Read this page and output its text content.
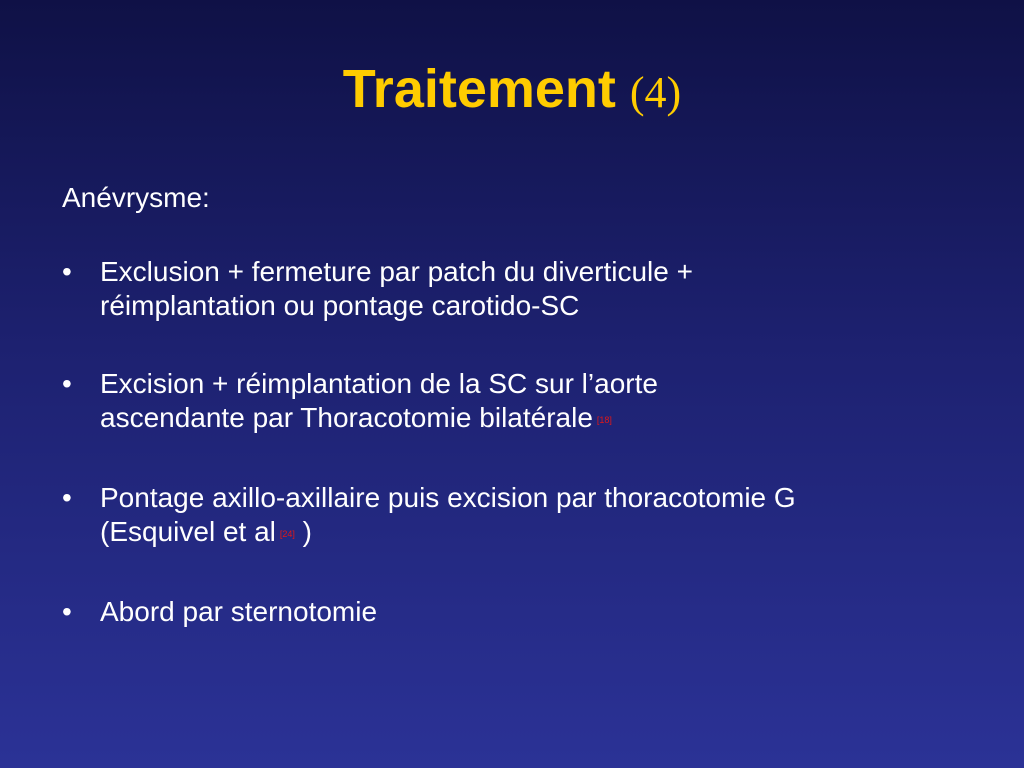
Traitement (4)
Anévrysme:
• Exclusion + fermeture par patch du diverticule +
réimplantation ou pontage carotido-SC
• Excision + réimplantation de la SC sur l’aorte
ascendante par Thoracotomie bilatérale [18]
• Pontage axillo-axillaire puis excision par thoracotomie G
(Esquivel et al [24] )
• Abord par sternotomie
